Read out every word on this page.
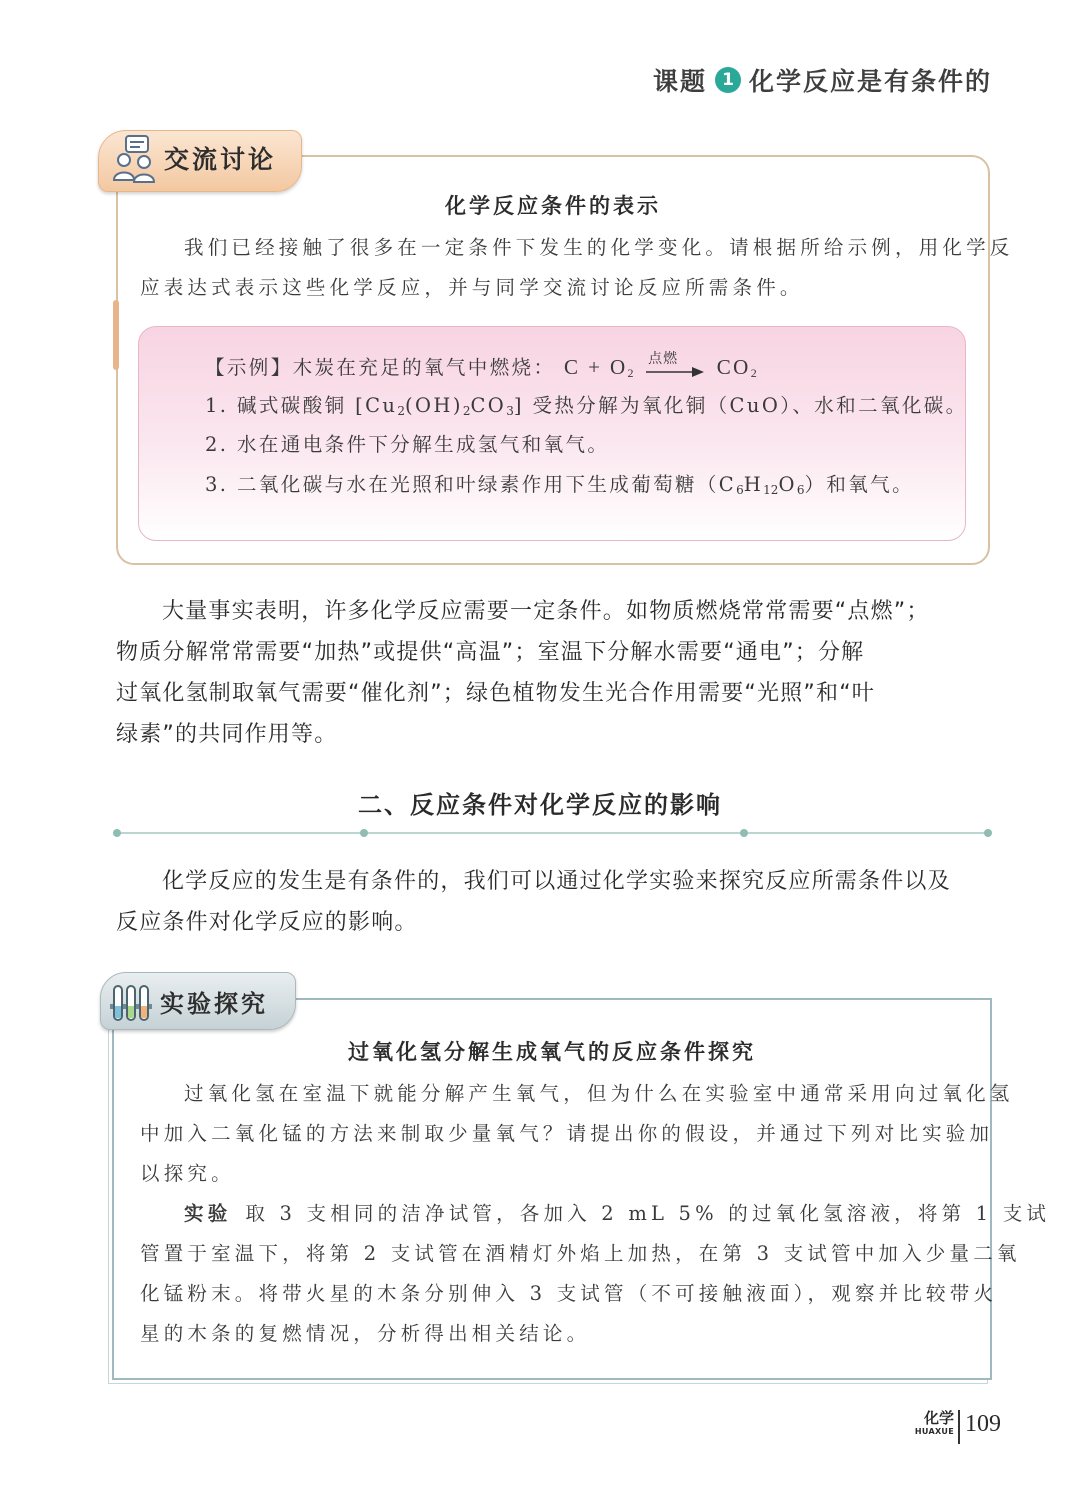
课题 1 化学反应是有条件的
交流讨论
化学反应条件的表示
我们已经接触了很多在一定条件下发生的化学变化。请根据所给示例，用化学反
应表达式表示这些化学反应，并与同学交流讨论反应所需条件。
【示例】木炭在充足的氧气中燃烧： $C + O_2$
点燃 $CO_2$
1. 碱式碳酸铜 $[Cu_2(OH)_2CO_3]$ 受热分解为氧化铜（CuO）、水和二氧化碳。
2. 水在通电条件下分解生成氢气和氧气。
3. 二氧化碳与水在光照和叶绿素作用下生成葡萄糖$(C_6H_{12}O_6)$和氧气。
大量事实表明，许多化学反应需要一定条件。如物质燃烧常常需要“点燃”；
物质分解常常需要“加热”或提供“高温”；室温下分解水需要“通电”；分解
过氧化氢制取氧气需要“催化剂”；绿色植物发生光合作用需要“光照”和“叶
绿素”的共同作用等。
二、反应条件对化学反应的影响
化学反应的发生是有条件的，我们可以通过化学实验来探究反应所需条件以及
反应条件对化学反应的影响。
实验探究
过氧化氢分解生成氧气的反应条件探究
过氧化氢在室温下就能分解产生氧气，但为什么在实验室中通常采用向过氧化氢
中加入二氧化锰的方法来制取少量氧气？请提出你的假设，并通过下列对比实验加
以探究。
实验 取 3 支相同的洁净试管，各加入 2 mL 5% 的过氧化氢溶液，将第 1 支试
管置于室温下，将第 2 支试管在酒精灯外焰上加热，在第 3 支试管中加入少量二氧
化锰粉末。将带火星的木条分别伸入 3 支试管（不可接触液面），观察并比较带火
星的木条的复燃情况，分析得出相关结论。
化学
HUAXUE 109
